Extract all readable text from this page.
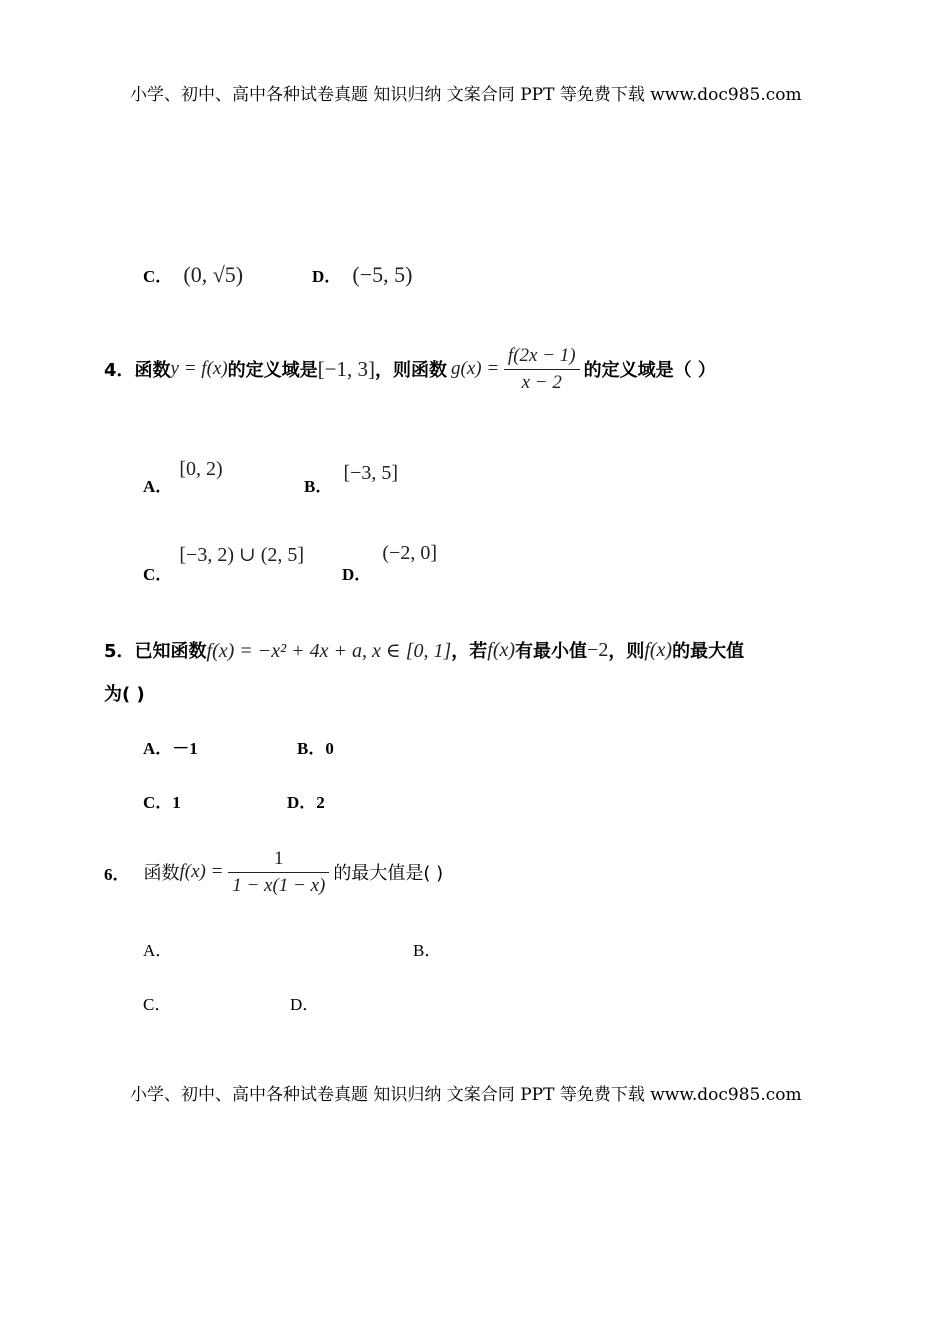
小学、初中、高中各种试卷真题 知识归纳 文案合同 PPT 等免费下载 www.doc985.com
C． (0, √5)	D． (−5, 5)
4． 函数 y = f(x) 的定义域是 [−1, 3] ，则函数 $g(x) = \frac{f(2x - 1)}{x - 2}$ 的定义域是（ ）
A． [0, 2)
B． [−3, 5]
C． [−3, 2) ∪ (2, 5]
D． (−2, 0]
5． 已知函数 f(x) = −x² + 4x + a, x ∈ [0, 1] ，若 f(x) 有最小值 −2 ，则 f(x) 的最大值
为( )
A．－1	B．0
C．1	D．2
6． 函数 $f(x) = \frac{1}{1 - x(1 - x)}$ 的最大值是( )
A．	B．
C．	D．
小学、初中、高中各种试卷真题 知识归纳 文案合同 PPT 等免费下载 www.doc985.com
